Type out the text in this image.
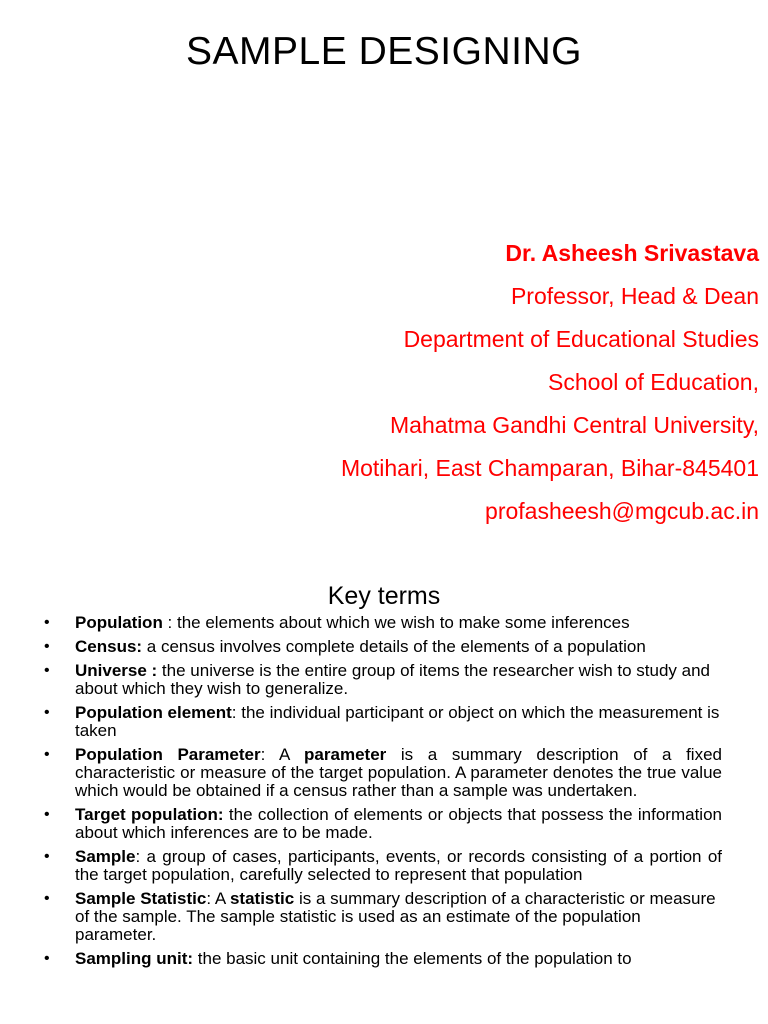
SAMPLE DESIGNING
Dr. Asheesh Srivastava
Professor, Head & Dean
Department of Educational Studies
School of Education,
Mahatma Gandhi Central University,
Motihari, East Champaran, Bihar-845401
profasheesh@mgcub.ac.in
Key terms
• Population : the elements about which we wish to make some inferences
• Census: a census involves complete details of the elements of a population
• Universe : the universe is the entire group of items the researcher wish to study and about which they wish to generalize.
• Population element: the individual participant or object on which the measurement is taken
• Population Parameter: A parameter is a summary description of a fixed characteristic or measure of the target population. A parameter denotes the true value which would be obtained if a census rather than a sample was undertaken.
• Target population: the collection of elements or objects that possess the information about which inferences are to be made.
• Sample: a group of cases, participants, events, or records consisting of a portion of the target population, carefully selected to represent that population
• Sample Statistic: A statistic is a summary description of a characteristic or measure of the sample. The sample statistic is used as an estimate of the population parameter.
• Sampling unit: the basic unit containing the elements of the population to
